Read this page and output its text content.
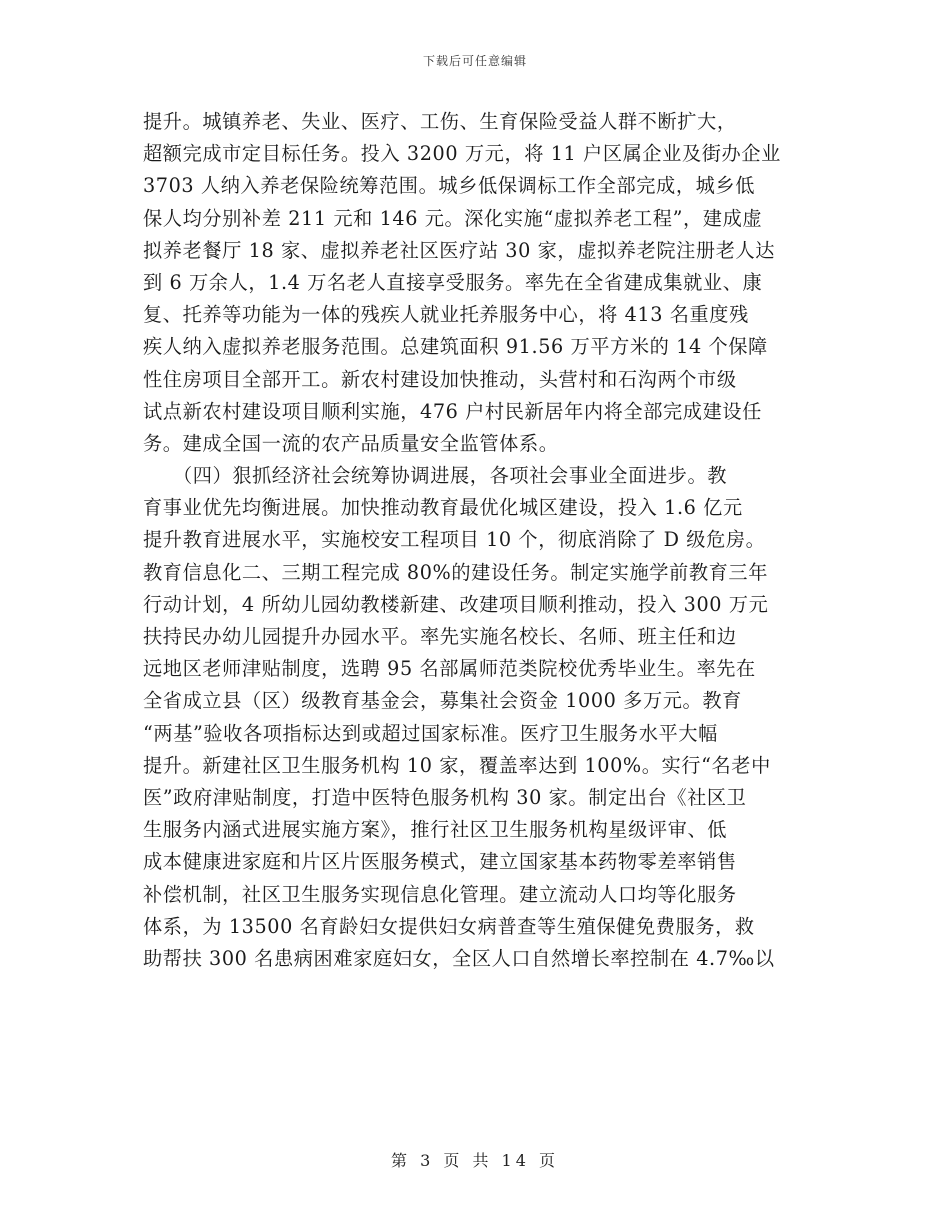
下载后可任意编辑
提升。城镇养老、失业、医疗、工伤、生育保险受益人群不断扩大，
超额完成市定目标任务。投入 3200 万元，将 11 户区属企业及街办企业
3703 人纳入养老保险统筹范围。城乡低保调标工作全部完成，城乡低
保人均分别补差 211 元和 146 元。深化实施“虚拟养老工程”，建成虚
拟养老餐厅 18 家、虚拟养老社区医疗站 30 家，虚拟养老院注册老人达
到 6 万余人，1.4 万名老人直接享受服务。率先在全省建成集就业、康
复、托养等功能为一体的残疾人就业托养服务中心，将 413 名重度残
疾人纳入虚拟养老服务范围。总建筑面积 91.56 万平方米的 14 个保障
性住房项目全部开工。新农村建设加快推动，头营村和石沟两个市级
试点新农村建设项目顺利实施，476 户村民新居年内将全部完成建设任
务。建成全国一流的农产品质量安全监管体系。
　　（四）狠抓经济社会统筹协调进展，各项社会事业全面进步。教
育事业优先均衡进展。加快推动教育最优化城区建设，投入 1.6 亿元
提升教育进展水平，实施校安工程项目 10 个，彻底消除了 D 级危房。
教育信息化二、三期工程完成 80%的建设任务。制定实施学前教育三年
行动计划，4 所幼儿园幼教楼新建、改建项目顺利推动，投入 300 万元
扶持民办幼儿园提升办园水平。率先实施名校长、名师、班主任和边
远地区老师津贴制度，选聘 95 名部属师范类院校优秀毕业生。率先在
全省成立县（区）级教育基金会，募集社会资金 1000 多万元。教育
“两基”验收各项指标达到或超过国家标准。医疗卫生服务水平大幅
提升。新建社区卫生服务机构 10 家，覆盖率达到 100%。实行“名老中
医”政府津贴制度，打造中医特色服务机构 30 家。制定出台《社区卫
生服务内涵式进展实施方案》，推行社区卫生服务机构星级评审、低
成本健康进家庭和片区片医服务模式，建立国家基本药物零差率销售
补偿机制，社区卫生服务实现信息化管理。建立流动人口均等化服务
体系，为 13500 名育龄妇女提供妇女病普查等生殖保健免费服务，救
助帮扶 300 名患病困难家庭妇女，全区人口自然增长率控制在 4.7‰以
第 3 页 共 14 页
